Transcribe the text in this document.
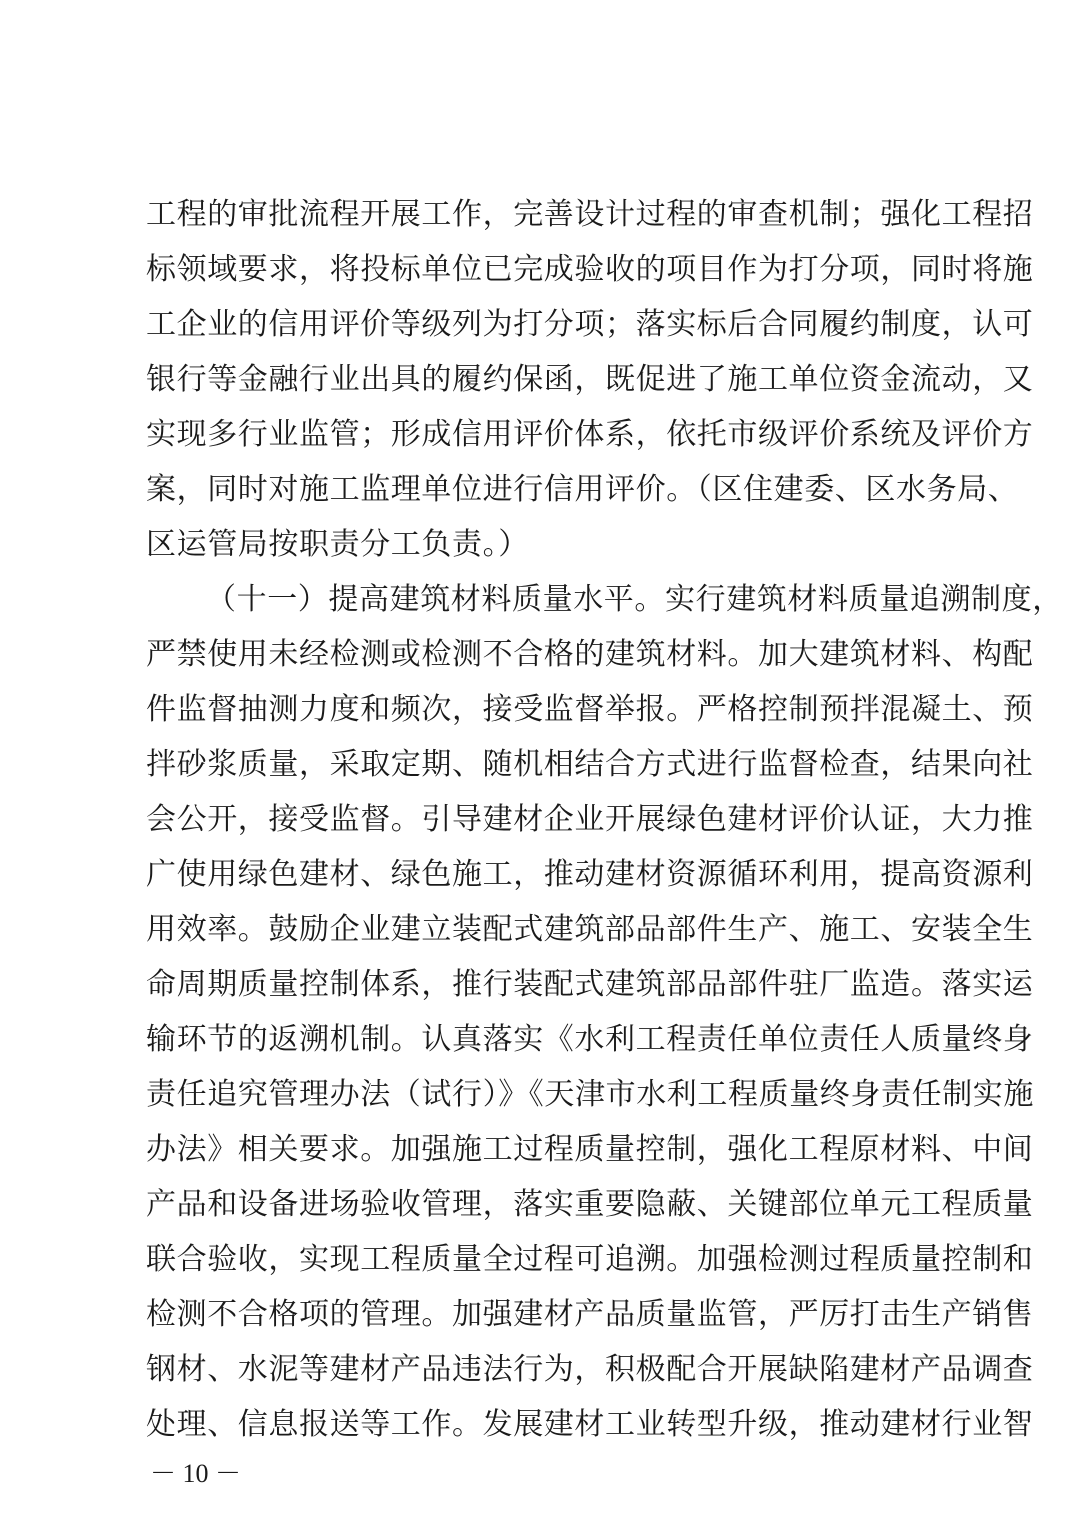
工程的审批流程开展工作，完善设计过程的审查机制；强化工程招
标领域要求，将投标单位已完成验收的项目作为打分项，同时将施
工企业的信用评价等级列为打分项；落实标后合同履约制度，认可
银行等金融行业出具的履约保函，既促进了施工单位资金流动，又
实现多行业监管；形成信用评价体系，依托市级评价系统及评价方
案，同时对施工监理单位进行信用评价。（区住建委、区水务局、
区运管局按职责分工负责。）
（十一）提高建筑材料质量水平。实行建筑材料质量追溯制度，
严禁使用未经检测或检测不合格的建筑材料。加大建筑材料、构配
件监督抽测力度和频次，接受监督举报。严格控制预拌混凝土、预
拌砂浆质量，采取定期、随机相结合方式进行监督检查，结果向社
会公开，接受监督。引导建材企业开展绿色建材评价认证，大力推
广使用绿色建材、绿色施工，推动建材资源循环利用，提高资源利
用效率。鼓励企业建立装配式建筑部品部件生产、施工、安装全生
命周期质量控制体系，推行装配式建筑部品部件驻厂监造。落实运
输环节的返溯机制。认真落实《水利工程责任单位责任人质量终身
责任追究管理办法（试行）》《天津市水利工程质量终身责任制实施
办法》相关要求。加强施工过程质量控制，强化工程原材料、中间
产品和设备进场验收管理，落实重要隐蔽、关键部位单元工程质量
联合验收，实现工程质量全过程可追溯。加强检测过程质量控制和
检测不合格项的管理。加强建材产品质量监管，严厉打击生产销售
钢材、水泥等建材产品违法行为，积极配合开展缺陷建材产品调查
处理、信息报送等工作。发展建材工业转型升级，推动建材行业智
－ 10 －
